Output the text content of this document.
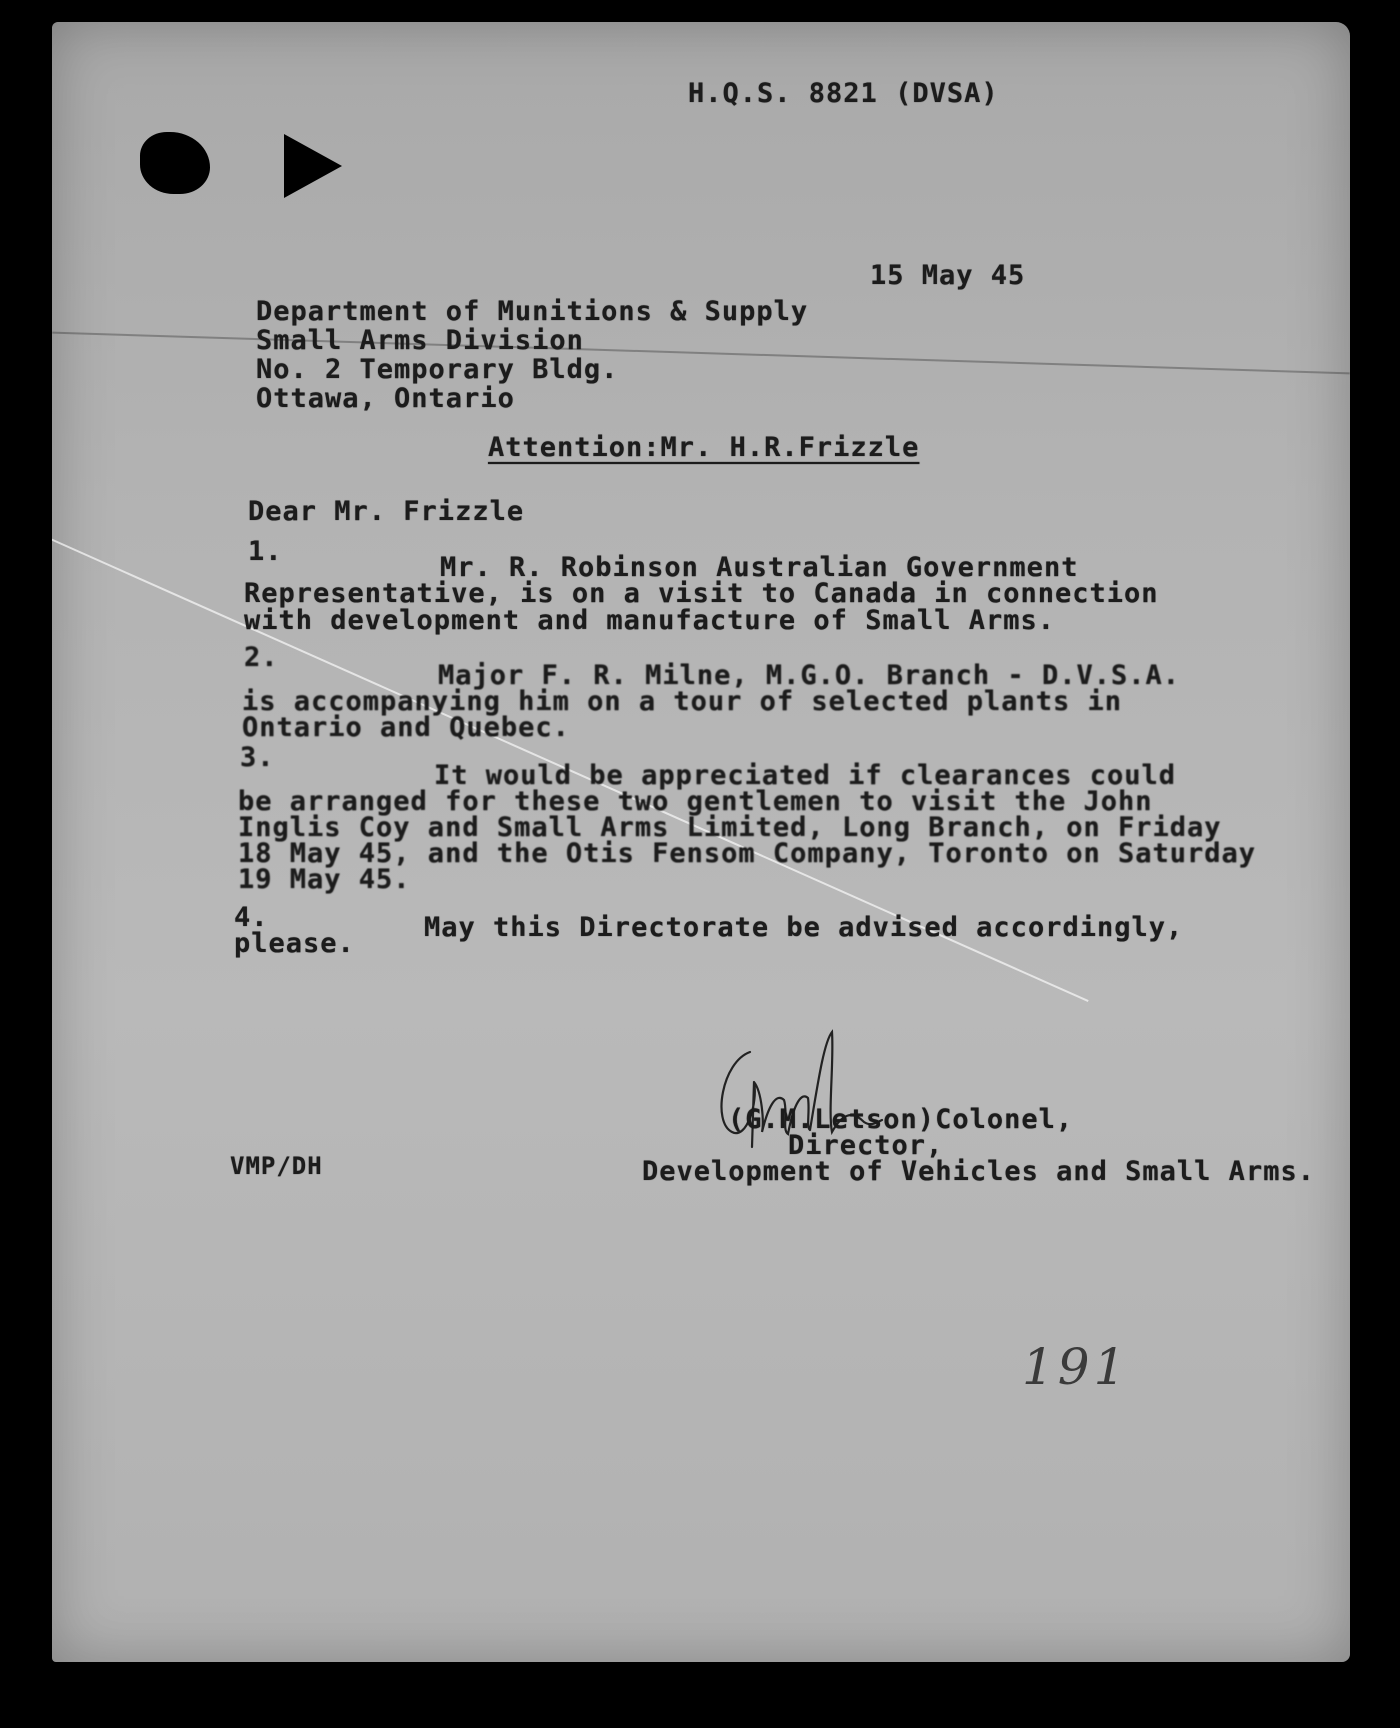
H.Q.S. 8821 (DVSA)
15 May 45
Department of Munitions & Supply
Small Arms Division
No. 2 Temporary Bldg.
Ottawa, Ontario
Attention:Mr. H.R.Frizzle
Dear Mr. Frizzle
1.
Mr. R. Robinson Australian Government
Representative, is on a visit to Canada in connection
with development and manufacture of Small Arms.
2.
Major F. R. Milne, M.G.O. Branch - D.V.S.A.
is accompanying him on a tour of selected plants in
Ontario and Quebec.
3.
It would be appreciated if clearances could
be arranged for these two gentlemen to visit the John
Inglis Coy and Small Arms Limited, Long Branch, on Friday
18 May 45, and the Otis Fensom Company, Toronto on Saturday
19 May 45.
4.	May this Directorate be advised accordingly,
please.
(G.M.Letson)Colonel,
Director,
Development of Vehicles and Small Arms.
VMP/DH
191
